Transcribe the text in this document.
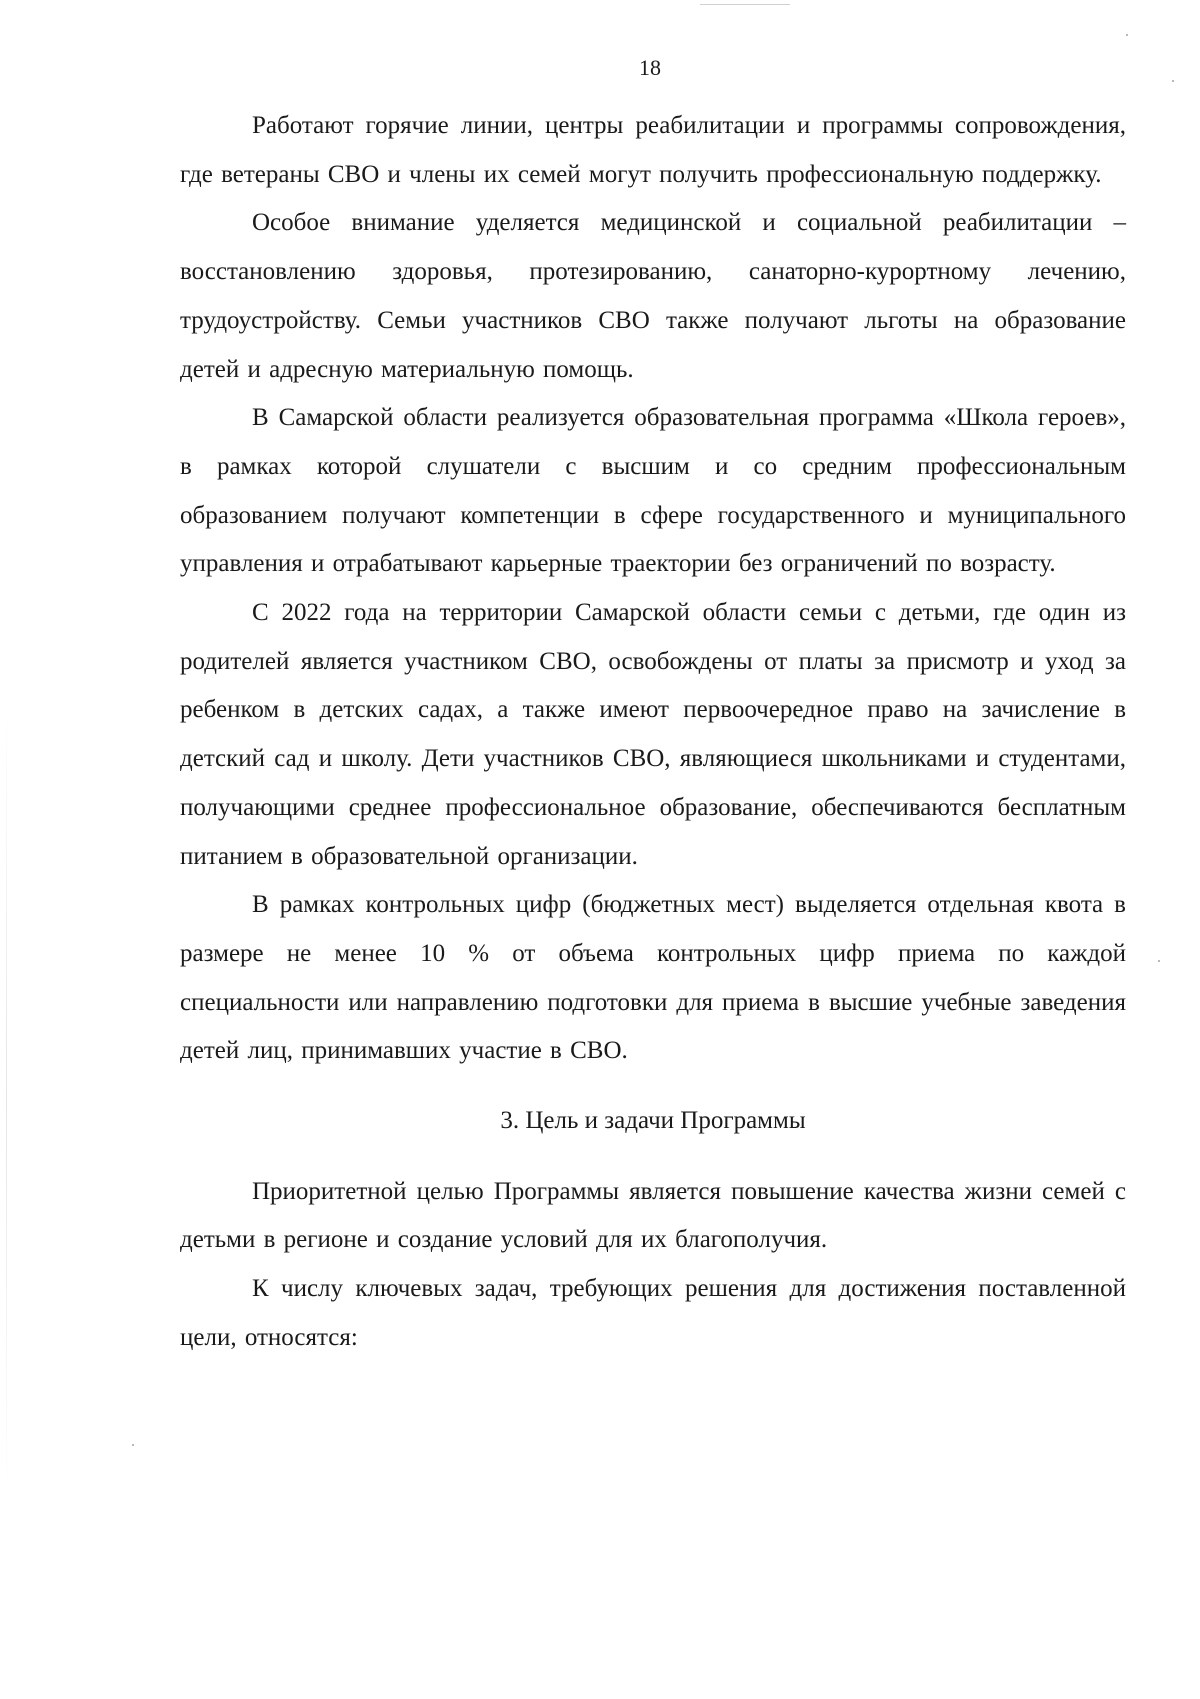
18

Работают горячие линии, центры реабилитации и программы сопровождения, где ветераны СВО и члены их семей могут получить профессиональную поддержку.

Особое внимание уделяется медицинской и социальной реабилитации – восстановлению здоровья, протезированию, санаторно-курортному лечению, трудоустройству. Семьи участников СВО также получают льготы на образование детей и адресную материальную помощь.

В Самарской области реализуется образовательная программа «Школа героев», в рамках которой слушатели с высшим и со средним профессиональным образованием получают компетенции в сфере государственного и муниципального управления и отрабатывают карьерные траектории без ограничений по возрасту.

С 2022 года на территории Самарской области семьи с детьми, где один из родителей является участником СВО, освобождены от платы за присмотр и уход за ребенком в детских садах, а также имеют первоочередное право на зачисление в детский сад и школу. Дети участников СВО, являющиеся школьниками и студентами, получающими среднее профессиональное образование, обеспечиваются бесплатным питанием в образовательной организации.

В рамках контрольных цифр (бюджетных мест) выделяется отдельная квота в размере не менее 10 % от объема контрольных цифр приема по каждой специальности или направлению подготовки для приема в высшие учебные заведения детей лиц, принимавших участие в СВО.

3. Цель и задачи Программы

Приоритетной целью Программы является повышение качества жизни семей с детьми в регионе и создание условий для их благополучия.

К числу ключевых задач, требующих решения для достижения поставленной цели, относятся:
